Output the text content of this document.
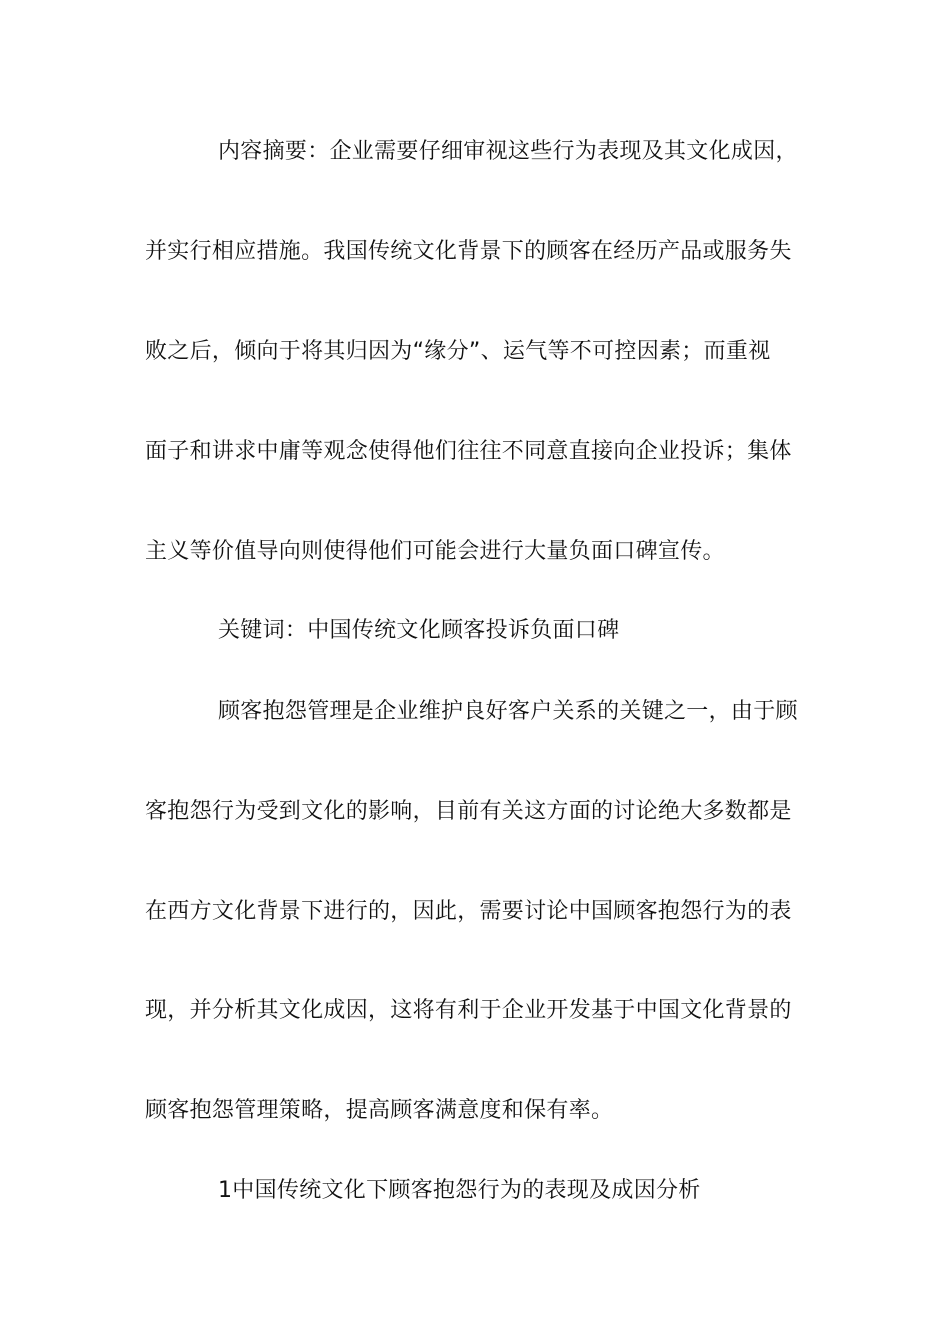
内容摘要：企业需要仔细审视这些行为表现及其文化成因，
并实行相应措施。我国传统文化背景下的顾客在经历产品或服务失
败之后，倾向于将其归因为“缘分”、运气等不可控因素；而重视
面子和讲求中庸等观念使得他们往往不同意直接向企业投诉；集体
主义等价值导向则使得他们可能会进行大量负面口碑宣传。
关键词：中国传统文化顾客投诉负面口碑
顾客抱怨管理是企业维护良好客户关系的关键之一，由于顾
客抱怨行为受到文化的影响，目前有关这方面的讨论绝大多数都是
在西方文化背景下进行的，因此，需要讨论中国顾客抱怨行为的表
现，并分析其文化成因，这将有利于企业开发基于中国文化背景的
顾客抱怨管理策略，提高顾客满意度和保有率。
1中国传统文化下顾客抱怨行为的表现及成因分析
